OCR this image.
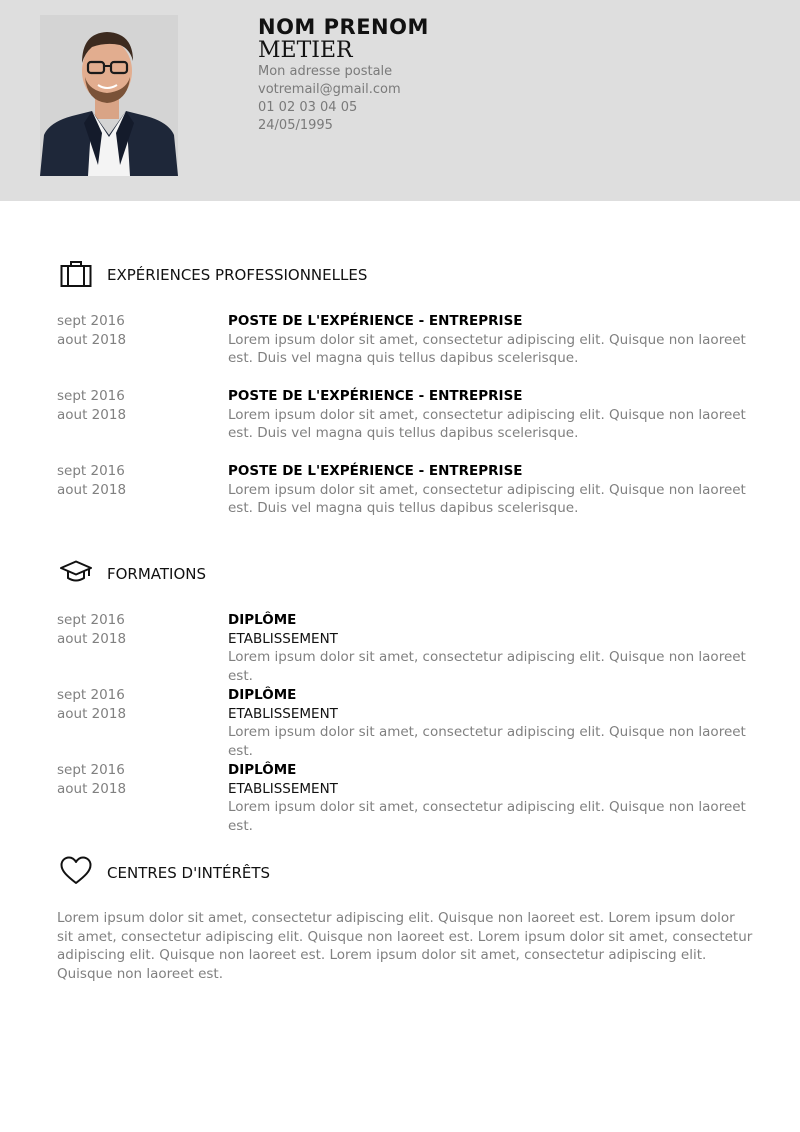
NOM PRENOM
METIER
Mon adresse postale
votremail@gmail.com
01 02 03 04 05
24/05/1995
EXPÉRIENCES PROFESSIONNELLES
sept 2016
aout 2018
POSTE DE L'EXPÉRIENCE - ENTREPRISE
Lorem ipsum dolor sit amet, consectetur adipiscing elit. Quisque non laoreet est. Duis vel magna quis tellus dapibus scelerisque.
sept 2016
aout 2018
POSTE DE L'EXPÉRIENCE - ENTREPRISE
Lorem ipsum dolor sit amet, consectetur adipiscing elit. Quisque non laoreet est. Duis vel magna quis tellus dapibus scelerisque.
sept 2016
aout 2018
POSTE DE L'EXPÉRIENCE - ENTREPRISE
Lorem ipsum dolor sit amet, consectetur adipiscing elit. Quisque non laoreet est. Duis vel magna quis tellus dapibus scelerisque.
FORMATIONS
sept 2016
aout 2018
DIPLÔME
ETABLISSEMENT
Lorem ipsum dolor sit amet, consectetur adipiscing elit. Quisque non laoreet est.
sept 2016
aout 2018
DIPLÔME
ETABLISSEMENT
Lorem ipsum dolor sit amet, consectetur adipiscing elit. Quisque non laoreet est.
sept 2016
aout 2018
DIPLÔME
ETABLISSEMENT
Lorem ipsum dolor sit amet, consectetur adipiscing elit. Quisque non laoreet est.
CENTRES D'INTÉRÊTS
Lorem ipsum dolor sit amet, consectetur adipiscing elit. Quisque non laoreet est. Lorem ipsum dolor sit amet, consectetur adipiscing elit. Quisque non laoreet est. Lorem ipsum dolor sit amet, consectetur adipiscing elit. Quisque non laoreet est. Lorem ipsum dolor sit amet, consectetur adipiscing elit. Quisque non laoreet est.
